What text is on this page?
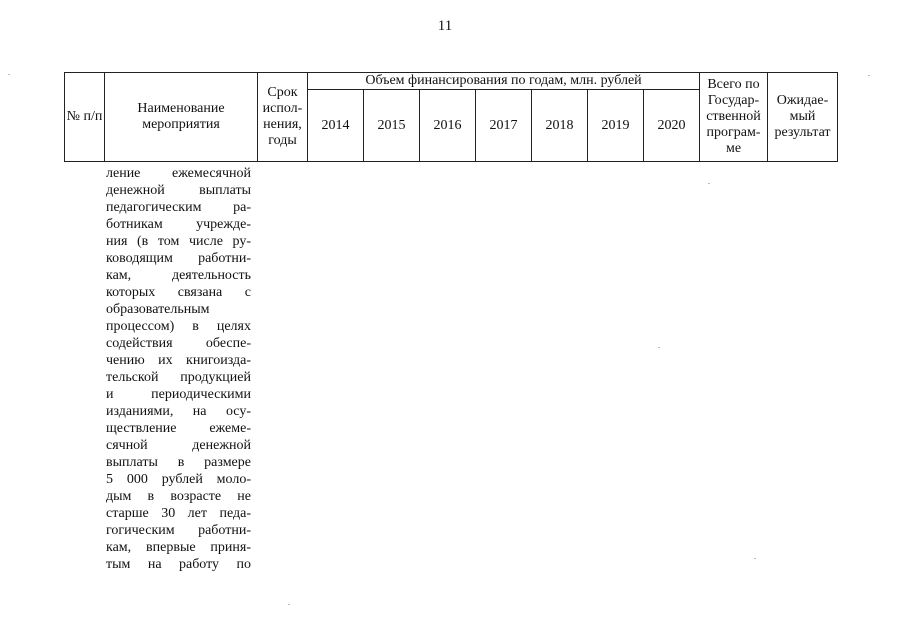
11
№ п/п	Наименование мероприятия	Срок испол-нения, годы	Объем финансирования по годам, млн. рублей							Всего по Государ-ственной програм-ме	Ожидае-мый результат
			2014	2015	2016	2017	2018	2019	2020		
ление ежемесячной
денежной выплаты
педагогическим ра-
ботникам учрежде-
ния (в том числе ру-
ководящим работни-
кам, деятельность
которых связана с
образовательным
процессом) в целях
содействия обеспе-
чению их книгоизда-
тельской продукцией
и периодическими
изданиями, на осу-
ществление ежеме-
сячной денежной
выплаты в размере
5 000 рублей моло-
дым в возрасте не
старше 30 лет педа-
гогическим работни-
кам, впервые приня-
тым на работу по
